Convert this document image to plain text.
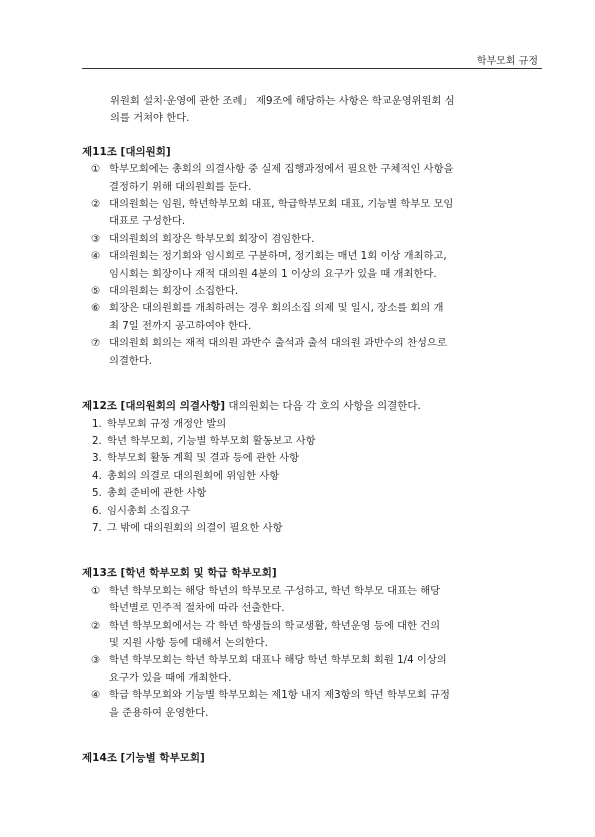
학부모회 규정
위원회 설치·운영에 관한 조례」 제9조에 해당하는 사항은 학교운영위원회 심
의를 거쳐야 한다.
제11조 [대의원회]
① 학부모회에는 총회의 의결사항 중 실제 집행과정에서 필요한 구체적인 사항을
결정하기 위해 대의원회를 둔다.
② 대의원회는 임원, 학년학부모회 대표, 학급학부모회 대표, 기능별 학부모 모임
대표로 구성한다.
③ 대의원회의 회장은 학부모회 회장이 겸임한다.
④ 대의원회는 정기회와 임시회로 구분하며, 정기회는 매년 1회 이상 개최하고,
임시회는 회장이나 재적 대의원 4분의 1 이상의 요구가 있을 때 개최한다.
⑤ 대의원회는 회장이 소집한다.
⑥ 회장은 대의원회를 개최하려는 경우 회의소집 의제 및 일시, 장소를 회의 개
최 7일 전까지 공고하여야 한다.
⑦ 대의원회 회의는 재적 대의원 과반수 출석과 출석 대의원 과반수의 찬성으로
의결한다.
제12조 [대의원회의 의결사항] 대의원회는 다음 각 호의 사항을 의결한다.
1. 학부모회 규정 개정안 발의
2. 학년 학부모회, 기능별 학부모회 활동보고 사항
3. 학부모회 활동 계획 및 결과 등에 관한 사항
4. 총회의 의결로 대의원회에 위임한 사항
5. 총회 준비에 관한 사항
6. 임시총회 소집요구
7. 그 밖에 대의원회의 의결이 필요한 사항
제13조 [학년 학부모회 및 학급 학부모회]
① 학년 학부모회는 해당 학년의 학부모로 구성하고, 학년 학부모 대표는 해당
학년별로 민주적 절차에 따라 선출한다.
② 학년 학부모회에서는 각 학년 학생들의 학교생활, 학년운영 등에 대한 건의
및 지원 사항 등에 대해서 논의한다.
③ 학년 학부모회는 학년 학부모회 대표나 해당 학년 학부모회 회원 1/4 이상의
요구가 있을 때에 개최한다.
④ 학급 학부모회와 기능별 학부모회는 제1항 내지 제3항의 학년 학부모회 규정
을 준용하여 운영한다.
제14조 [기능별 학부모회]
